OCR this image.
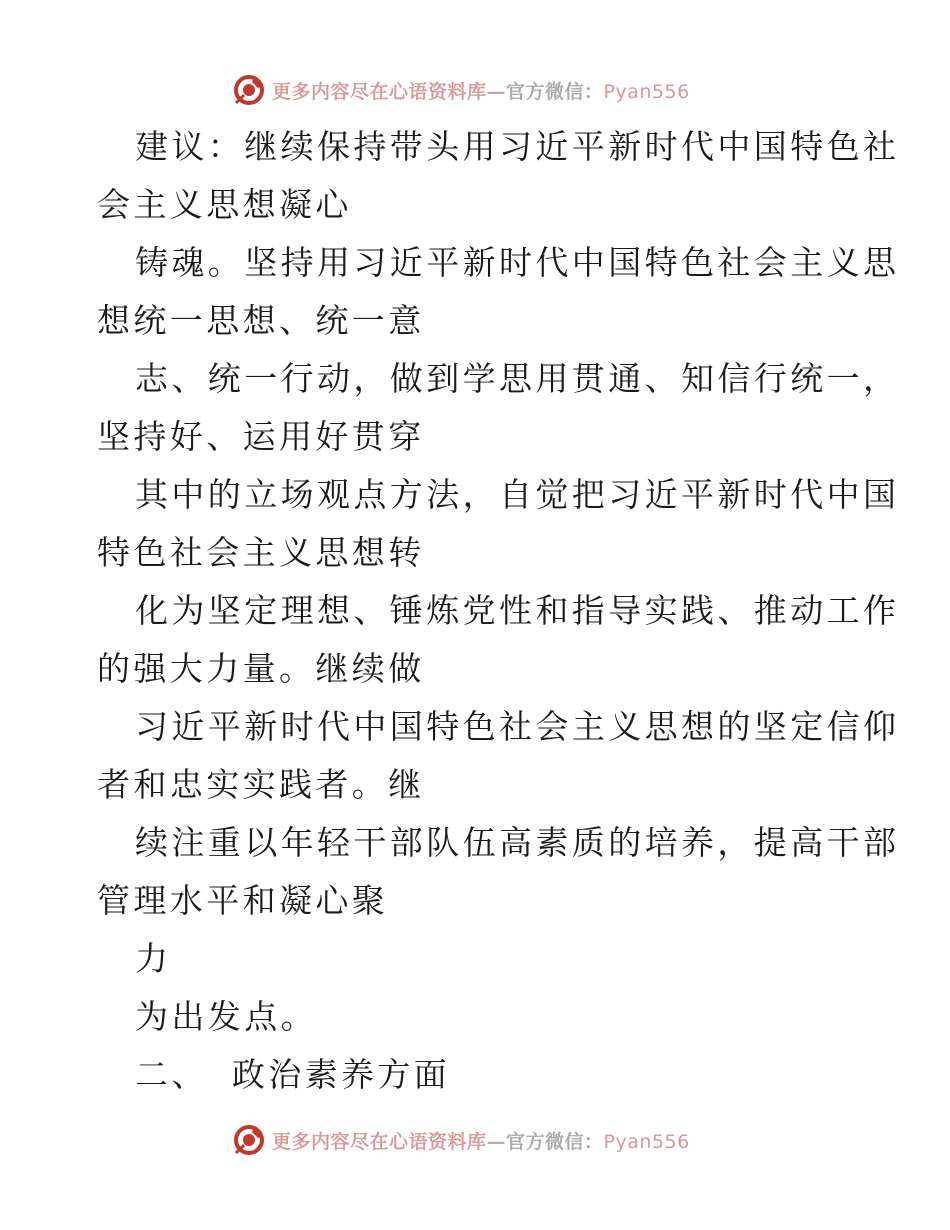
更多内容尽在心语资料库—官方微信：Pyan556
建议：继续保持带头用习近平新时代中国特色社
会主义思想凝心
铸魂。坚持用习近平新时代中国特色社会主义思
想统一思想、统一意
志、统一行动，做到学思用贯通、知信行统一，
坚持好、运用好贯穿
其中的立场观点方法，自觉把习近平新时代中国
特色社会主义思想转
化为坚定理想、锤炼党性和指导实践、推动工作
的强大力量。继续做
习近平新时代中国特色社会主义思想的坚定信仰
者和忠实实践者。继
续注重以年轻干部队伍高素质的培养，提高干部
管理水平和凝心聚
力
为出发点。
二、 政治素养方面
更多内容尽在心语资料库—官方微信：Pyan556
